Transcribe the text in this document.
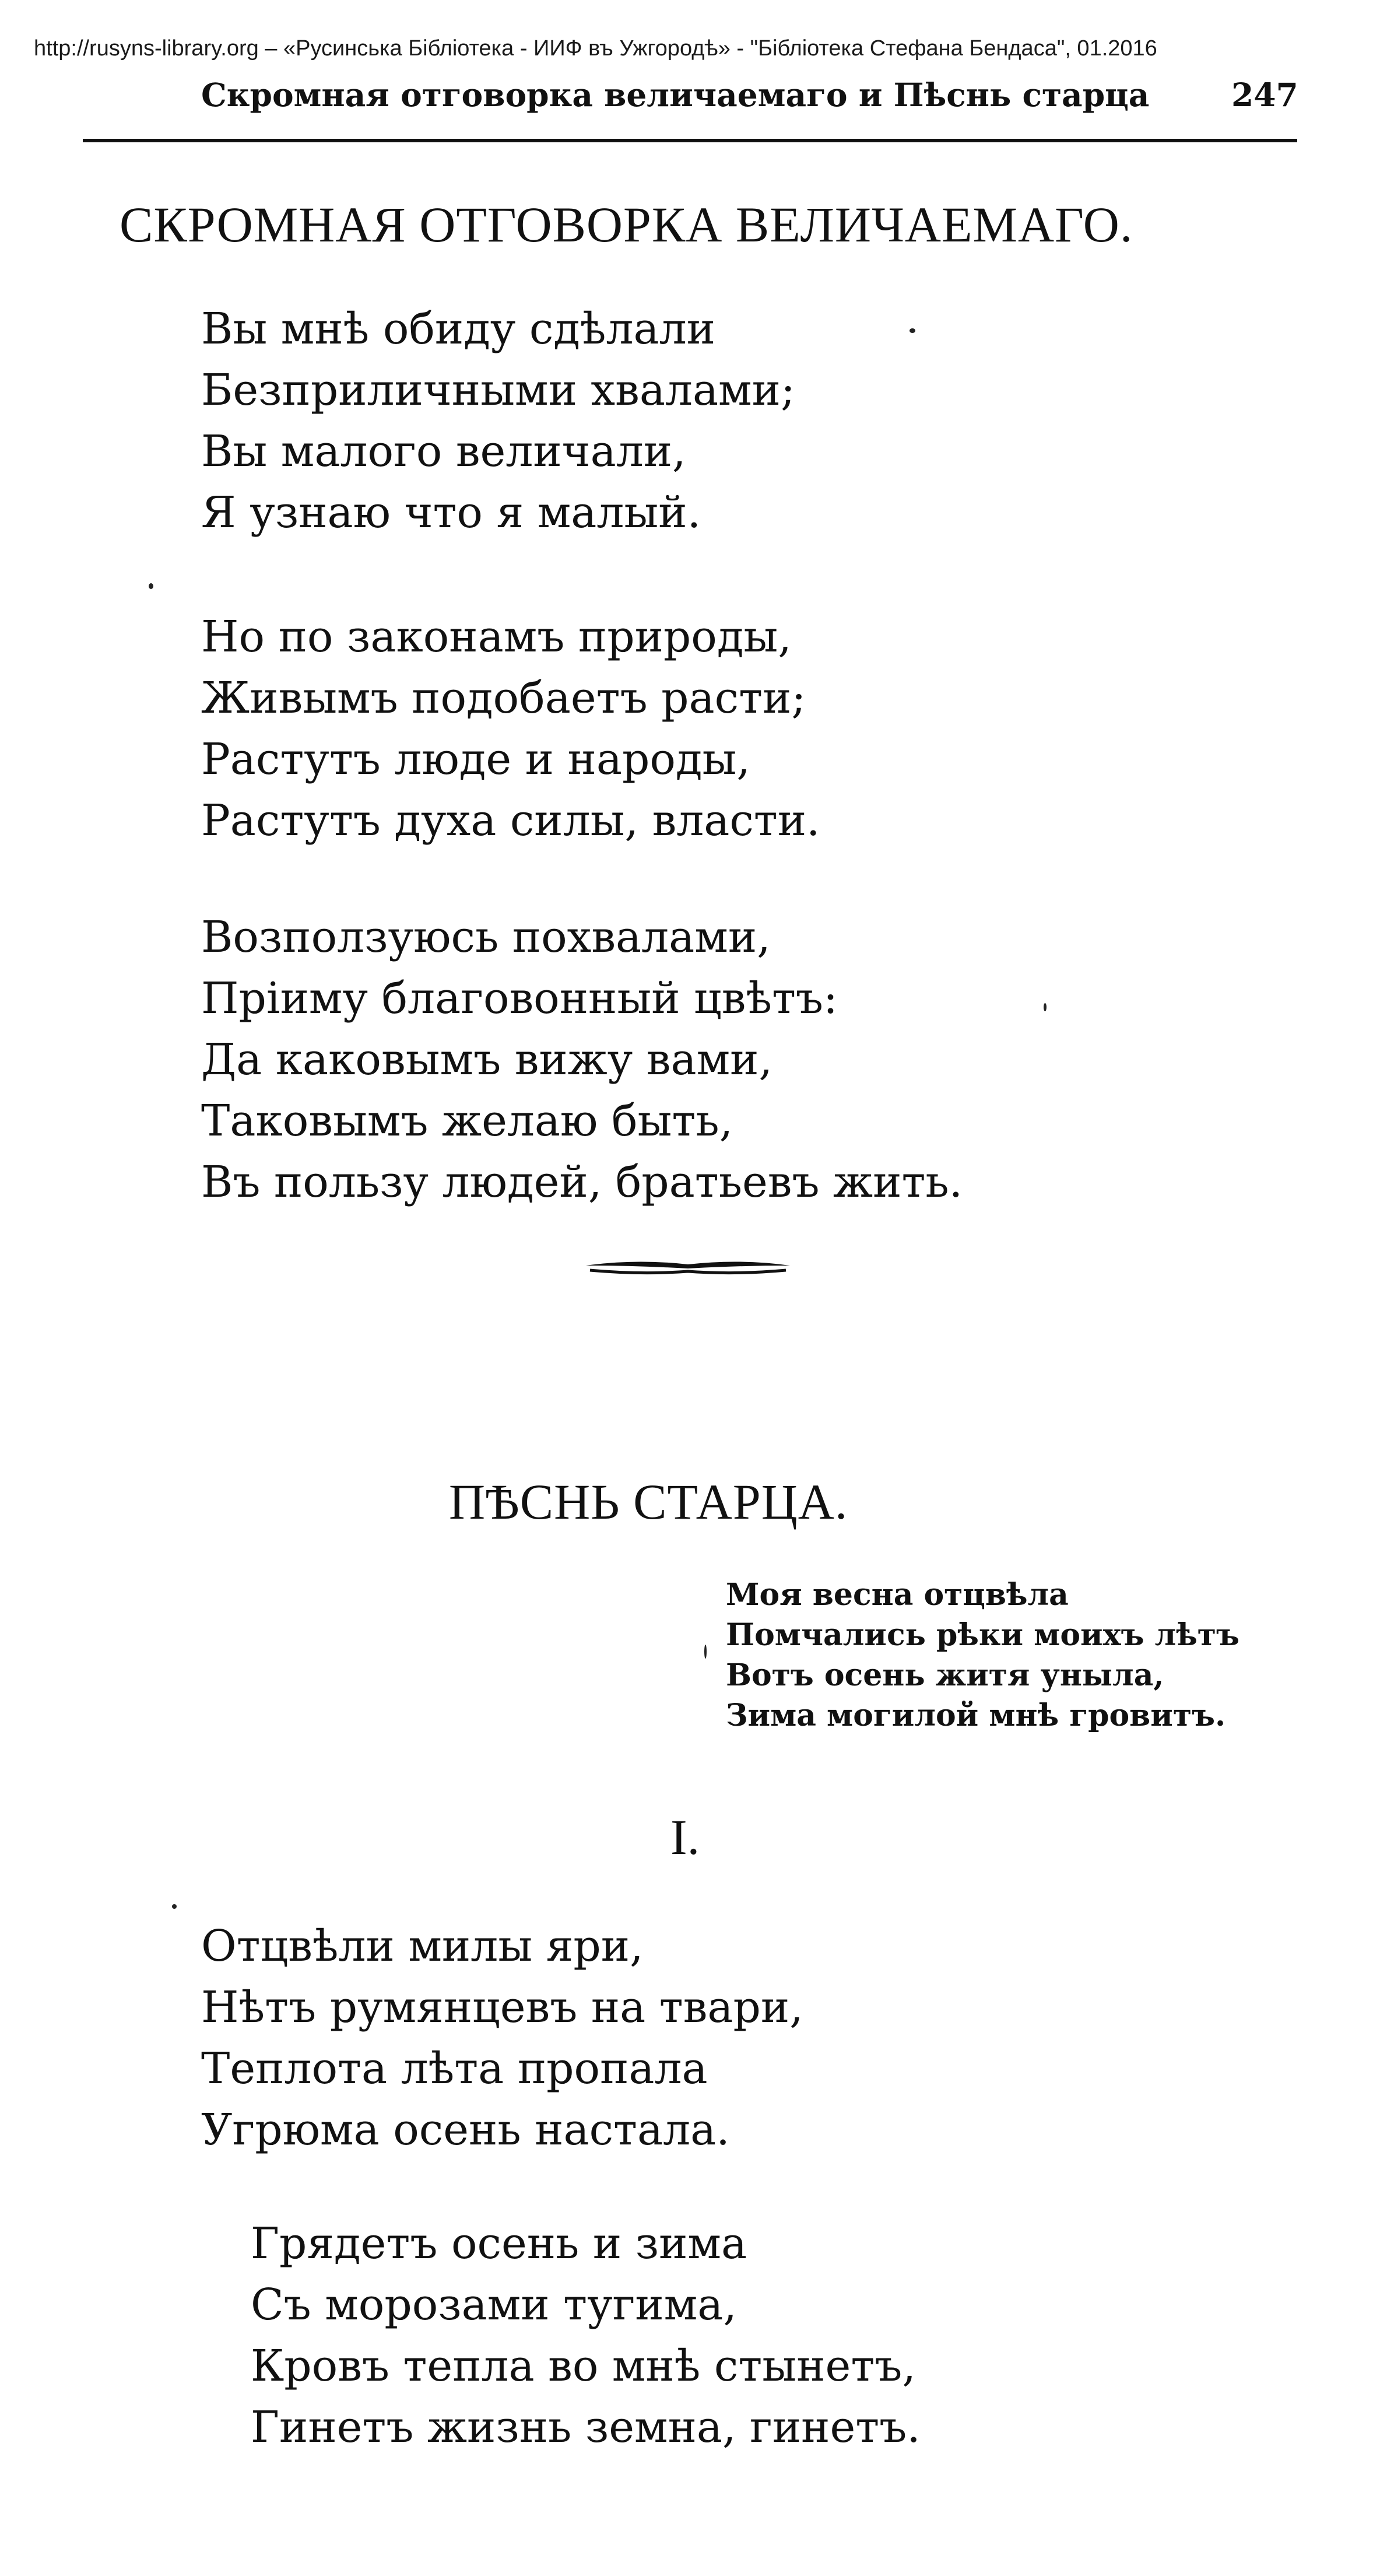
http://rusyns-library.org – «Русинська Бібліотека - ИИФ въ Ужгородѣ» - "Бібліотека Стефана Бендаса", 01.2016
Скромная отговорка величаемаго и Пѣснь старца	247
СКРОМНАЯ ОТГОВОРКА ВЕЛИЧАЕМАГО.
Вы мнѣ обиду сдѣлали
Безприличными хвалами;
Вы малого величали,
Я узнаю что я малый.
Но по законамъ природы,
Живымъ подобаетъ расти;
Растутъ люде и народы,
Растутъ духа силы, власти.
Возползуюсь похвалами,
Пріиму благовонный цвѣтъ:
Да каковымъ вижу вами,
Таковымъ желаю быть,
Въ пользу людей, братьевъ жить.
ПѢСНЬ СТАРЦА.
Моя весна отцвѣла
Помчались рѣки моихъ лѣтъ
Вотъ осень житя уныла,
Зима могилой мнѣ гровитъ.
I.
Отцвѣли милы яри,
Нѣтъ румянцевъ на твари,
Теплота лѣта пропала
Угрюма осень настала.
Грядетъ осень и зима
Съ морозами тугима,
Кровъ тепла во мнѣ стынетъ,
Гинетъ жизнь земна, гинетъ.
